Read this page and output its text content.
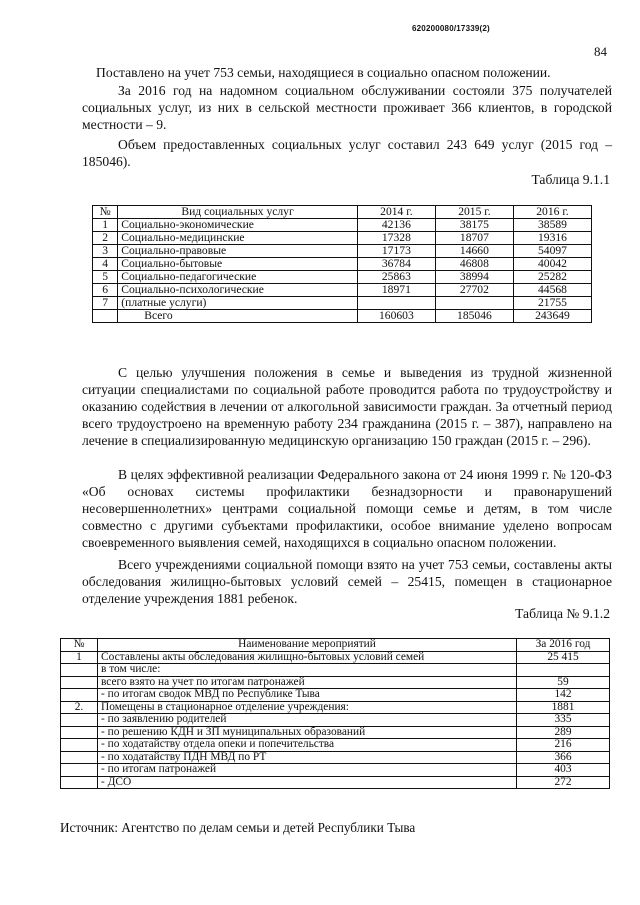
620200080/17339(2)
84
Поставлено на учет 753 семьи, находящиеся в социально опасном положении.
За 2016 год на надомном социальном обслуживании состояли 375 получателей социальных услуг, из них в сельской местности проживает 366 клиентов, в городской местности – 9.
Объем предоставленных социальных услуг составил 243 649 услуг (2015 год –185046).
Таблица 9.1.1
№	Вид социальных услуг	2014 г.	2015 г.	2016 г.
1	Социально-экономические	42136	38175	38589
2	Социально-медицинские	17328	18707	19316
3	Социально-правовые	17173	14660	54097
4	Социально-бытовые	36784	46808	40042
5	Социально-педагогические	25863	38994	25282
6	Социально-психологические	18971	27702	44568
7	(платные услуги)			21755
	Всего	160603	185046	243649
С целью улучшения положения в семье и выведения из трудной жизненной ситуации специалистами по социальной работе проводится работа по трудоустройству и оказанию содействия в лечении от алкогольной зависимости граждан. За отчетный период всего трудоустроено на временную работу 234 гражданина (2015 г. – 387), направлено на лечение в специализированную медицинскую организацию 150 граждан (2015 г. – 296).
В целях эффективной реализации Федерального закона от 24 июня 1999 г. № 120-ФЗ «Об основах системы профилактики безнадзорности и правонарушений несовершеннолетних» центрами социальной помощи семье и детям, в том числе совместно с другими субъектами профилактики, особое внимание уделено вопросам своевременного выявления семей, находящихся в социально опасном положении.
Всего учреждениями социальной помощи взято на учет 753 семьи, составлены акты обследования жилищно-бытовых условий семей – 25415, помещен в стационарное отделение учреждения 1881 ребенок.
Таблица № 9.1.2
№	Наименование мероприятий	За 2016 год
1	Составлены акты обследования жилищно-бытовых условий семей	25 415
	в том числе:	
	всего взято на учет по итогам патронажей	59
	- по итогам сводок МВД по Республике Тыва	142
2.	Помещены в стационарное отделение учреждения:	1881
	- по заявлению родителей	335
	- по решению КДН и ЗП муниципальных образований	289
	- по ходатайству отдела опеки и попечительства	216
	- по ходатайству ПДН МВД по РТ	366
	- по итогам патронажей	403
	- ДСО	272
Источник: Агентство по делам семьи и детей Республики Тыва
